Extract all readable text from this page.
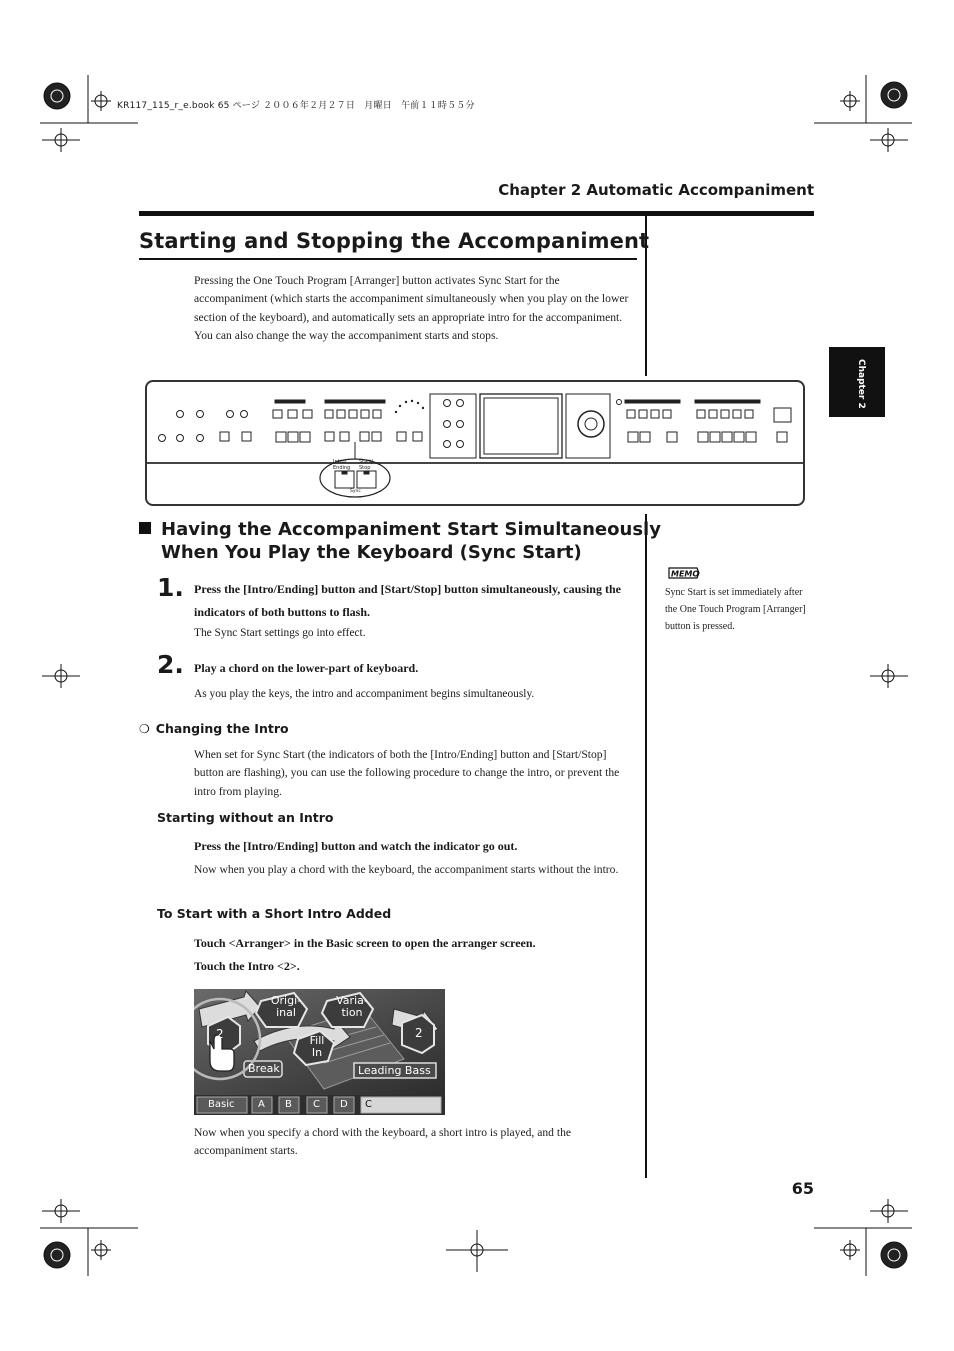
KR117_115_r_e.book 65 ページ ２００６年２月２７日　月曜日　午前１１時５５分
Chapter 2 Automatic Accompaniment
Chapter 2
Starting and Stopping the Accompaniment
Pressing the One Touch Program [Arranger] button activates Sync Start for the accompaniment (which starts the accompaniment simultaneously when you play on the lower section of the keyboard), and automatically sets an appropriate intro for the accompaniment. You can also change the way the accompaniment starts and stops.
Intro/
Ending
Start/
Stop
Sync
Having the Accompaniment Start Simultaneously
When You Play the Keyboard (Sync Start)
1. Press the [Intro/Ending] button and [Start/Stop] button simultaneously, causing the indicators of both buttons to flash.
The Sync Start settings go into effect.
2. Play a chord on the lower-part of keyboard.
As you play the keys, the intro and accompaniment begins simultaneously.
MEMO
Sync Start is set immediately after the One Touch Program [Arranger] button is pressed.
❍ Changing the Intro
When set for Sync Start (the indicators of both the [Intro/Ending] button and [Start/Stop] button are flashing), you can use the following procedure to change the intro, or prevent the intro from playing.
Starting without an Intro
Press the [Intro/Ending] button and watch the indicator go out.
Now when you play a chord with the keyboard, the accompaniment starts without the intro.
To Start with a Short Intro Added
Touch <Arranger> in the Basic screen to open the arranger screen.
Touch the Intro <2>.
Origi-
inal
Varia-
tion
Fill
In
2	2
Break	Leading Bass
Basic A B C D C
Now when you specify a chord with the keyboard, a short intro is played, and the accompaniment starts.
65
